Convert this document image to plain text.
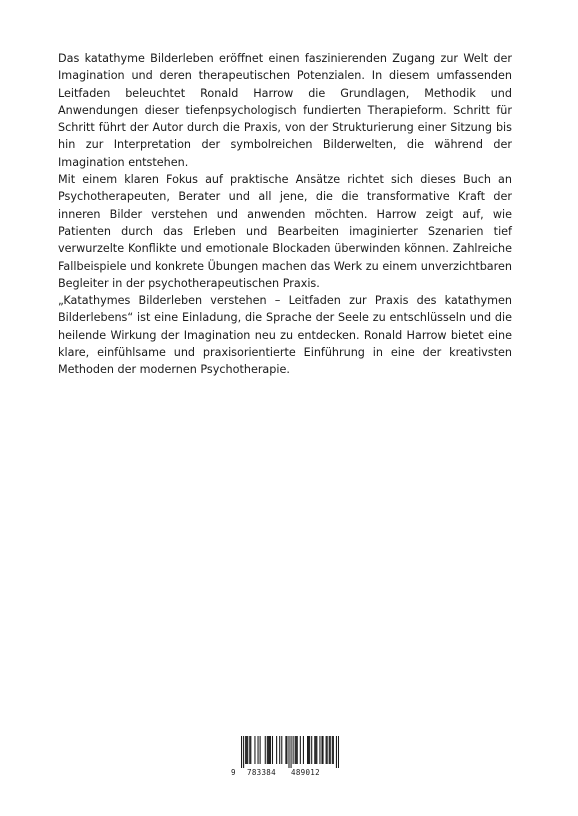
Das katathyme Bilderleben eröffnet einen faszinierenden Zugang zur Welt der Imagination und deren therapeutischen Potenzialen. In diesem umfassenden Leitfaden beleuchtet Ronald Harrow die Grundlagen, Methodik und Anwendungen dieser tiefenpsychologisch fundierten Therapieform. Schritt für Schritt führt der Autor durch die Praxis, von der Strukturierung einer Sitzung bis hin zur Interpretation der symbolreichen Bilderwelten, die während der Imagination entstehen.

Mit einem klaren Fokus auf praktische Ansätze richtet sich dieses Buch an Psychotherapeuten, Berater und all jene, die die transformative Kraft der inneren Bilder verstehen und anwenden möchten. Harrow zeigt auf, wie Patienten durch das Erleben und Bearbeiten imaginierter Szenarien tief verwurzelte Konflikte und emotionale Blockaden überwinden können. Zahlreiche Fallbeispiele und konkrete Übungen machen das Werk zu einem unverzichtbaren Begleiter in der psychotherapeutischen Praxis.

„Katathymes Bilderleben verstehen – Leitfaden zur Praxis des katathymen Bilderlebens“ ist eine Einladung, die Sprache der Seele zu entschlüsseln und die heilende Wirkung der Imagination neu zu entdecken. Ronald Harrow bietet eine klare, einfühlsame und praxisorientierte Einführung in eine der kreativsten Methoden der modernen Psychotherapie.

9 783384 489012
